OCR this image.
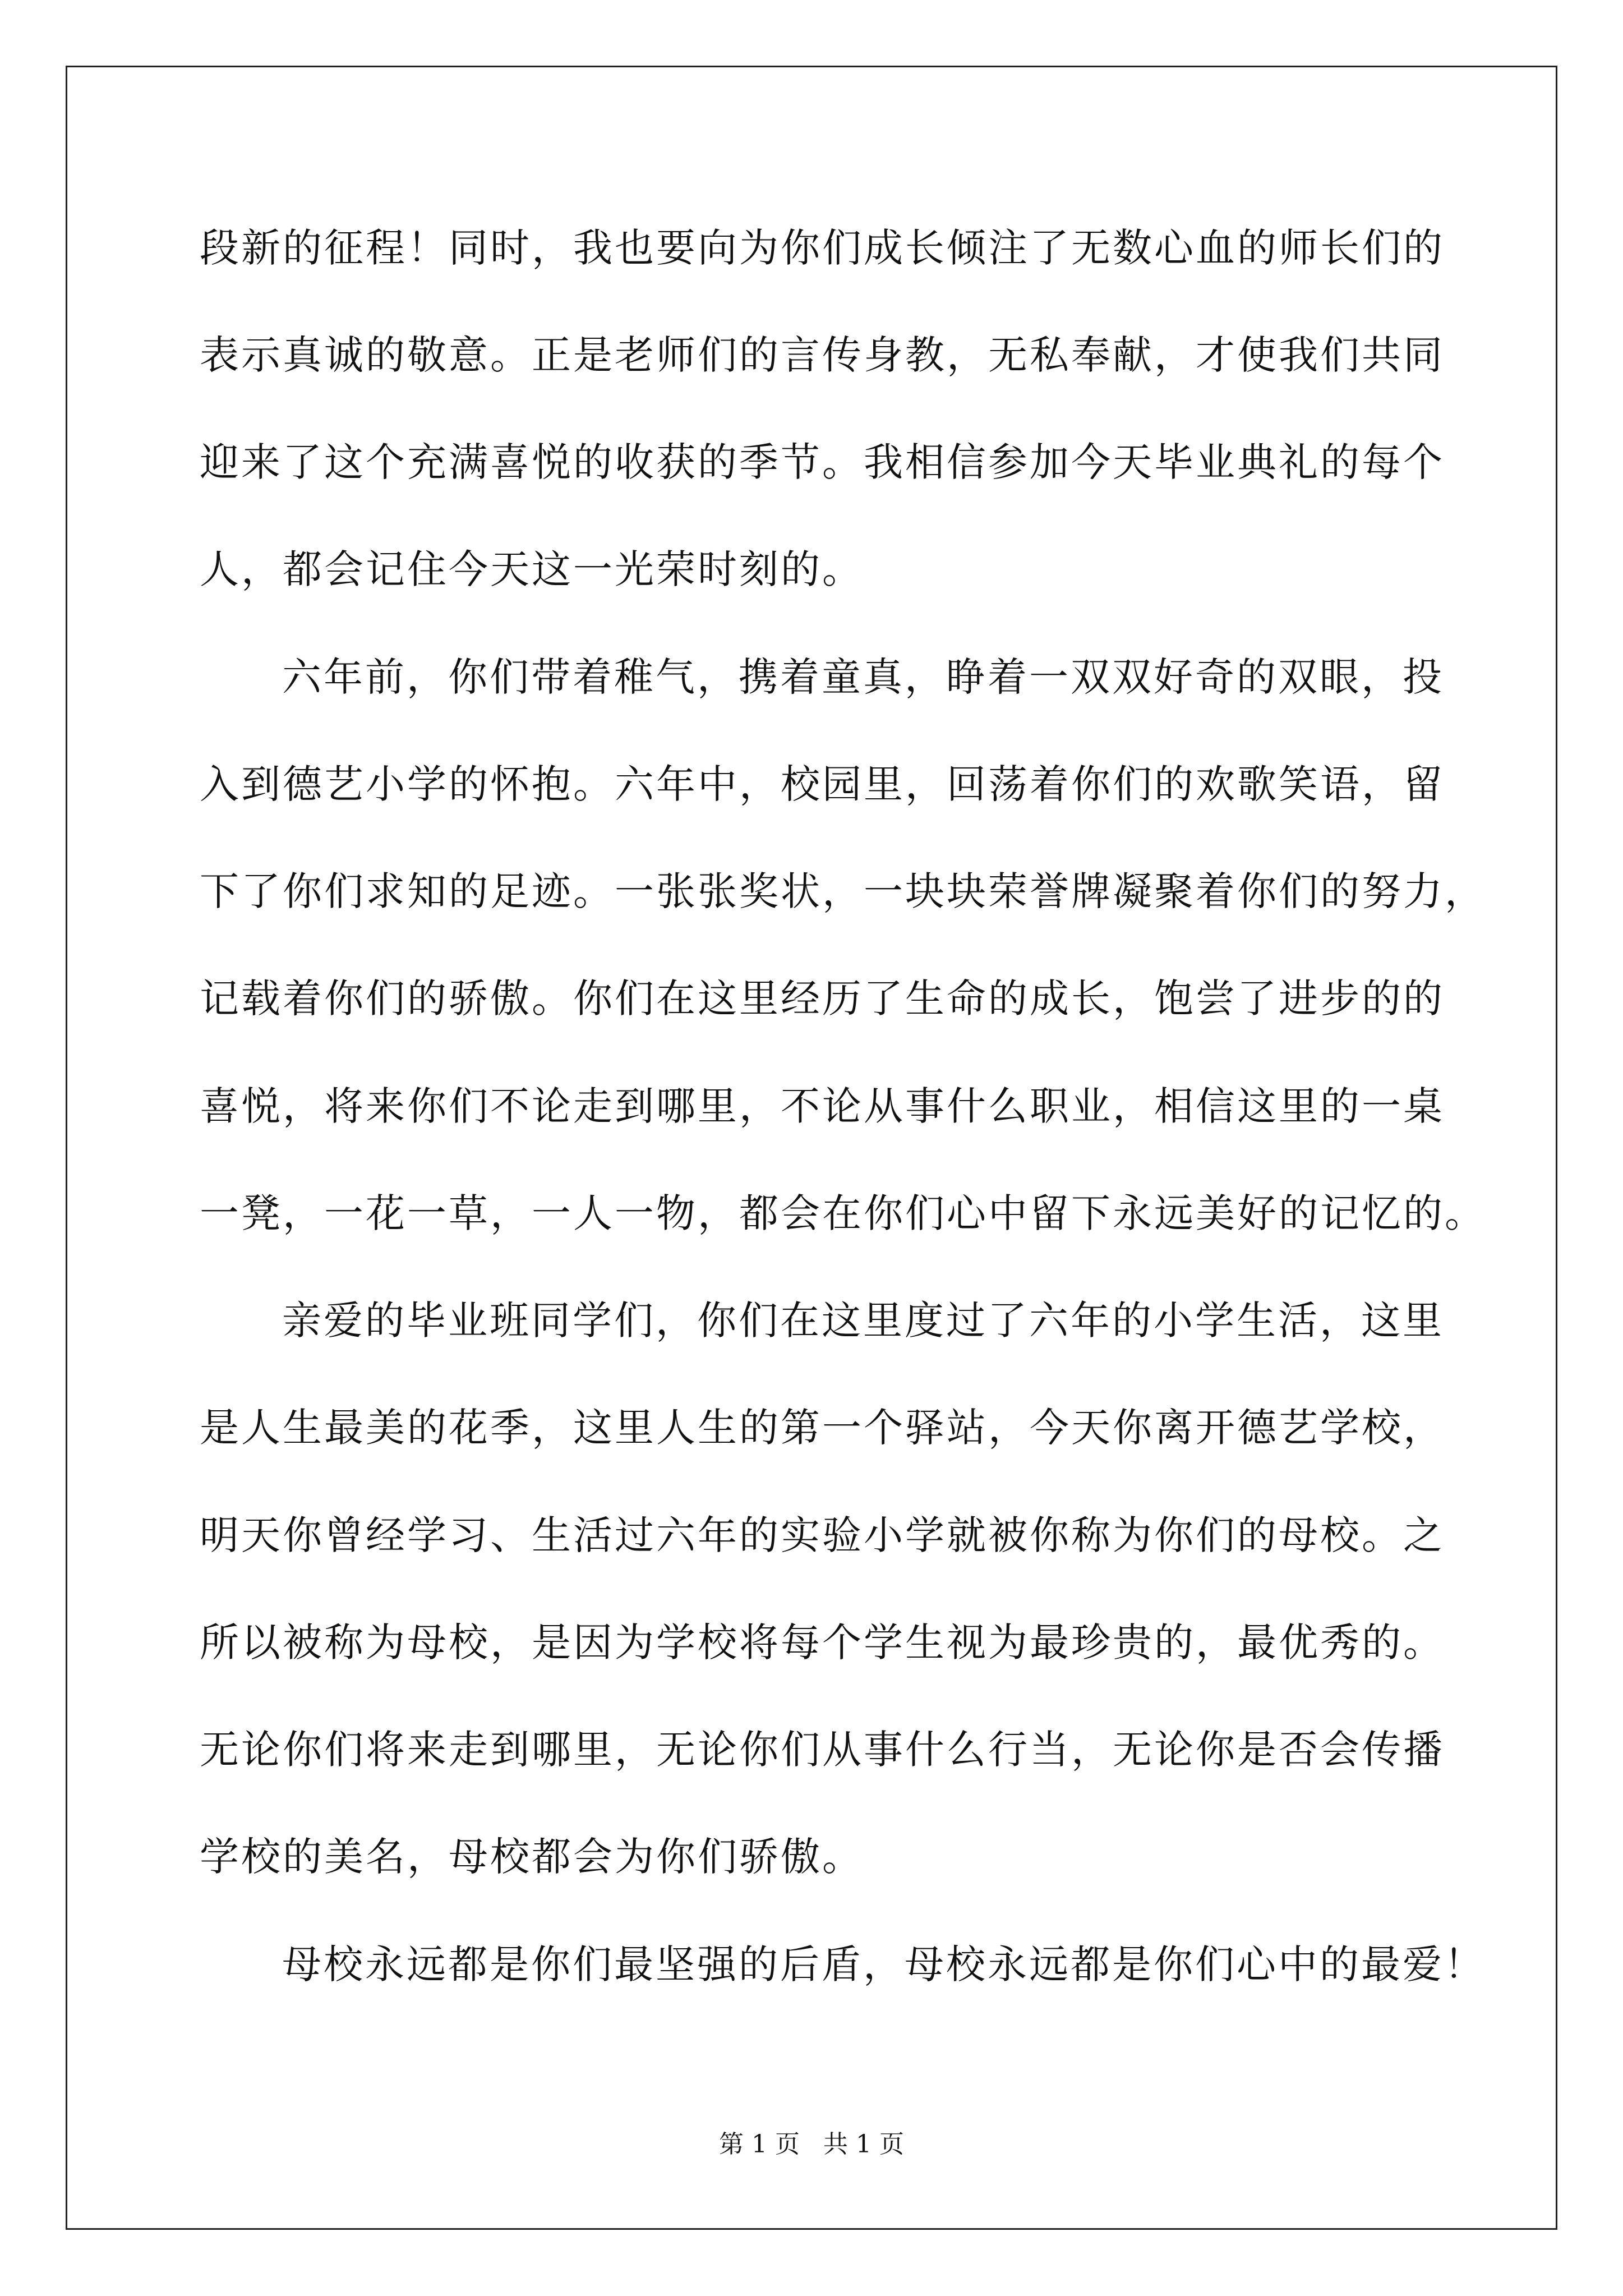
段新的征程！同时，我也要向为你们成长倾注了无数心血的师长们的

表示真诚的敬意。正是老师们的言传身教，无私奉献，才使我们共同

迎来了这个充满喜悦的收获的季节。我相信参加今天毕业典礼的每个

人，都会记住今天这一光荣时刻的。

六年前，你们带着稚气，携着童真，睁着一双双好奇的双眼，投

入到德艺小学的怀抱。六年中，校园里，回荡着你们的欢歌笑语，留

下了你们求知的足迹。一张张奖状，一块块荣誉牌凝聚着你们的努力，

记载着你们的骄傲。你们在这里经历了生命的成长，饱尝了进步的的

喜悦，将来你们不论走到哪里，不论从事什么职业，相信这里的一桌

一凳，一花一草，一人一物，都会在你们心中留下永远美好的记忆的。

亲爱的毕业班同学们，你们在这里度过了六年的小学生活，这里

是人生最美的花季，这里人生的第一个驿站，今天你离开德艺学校，

明天你曾经学习、生活过六年的实验小学就被你称为你们的母校。之

所以被称为母校，是因为学校将每个学生视为最珍贵的，最优秀的。

无论你们将来走到哪里，无论你们从事什么行当，无论你是否会传播

学校的美名，母校都会为你们骄傲。

母校永远都是你们最坚强的后盾，母校永远都是你们心中的最爱！

第 1 页   共 1 页
